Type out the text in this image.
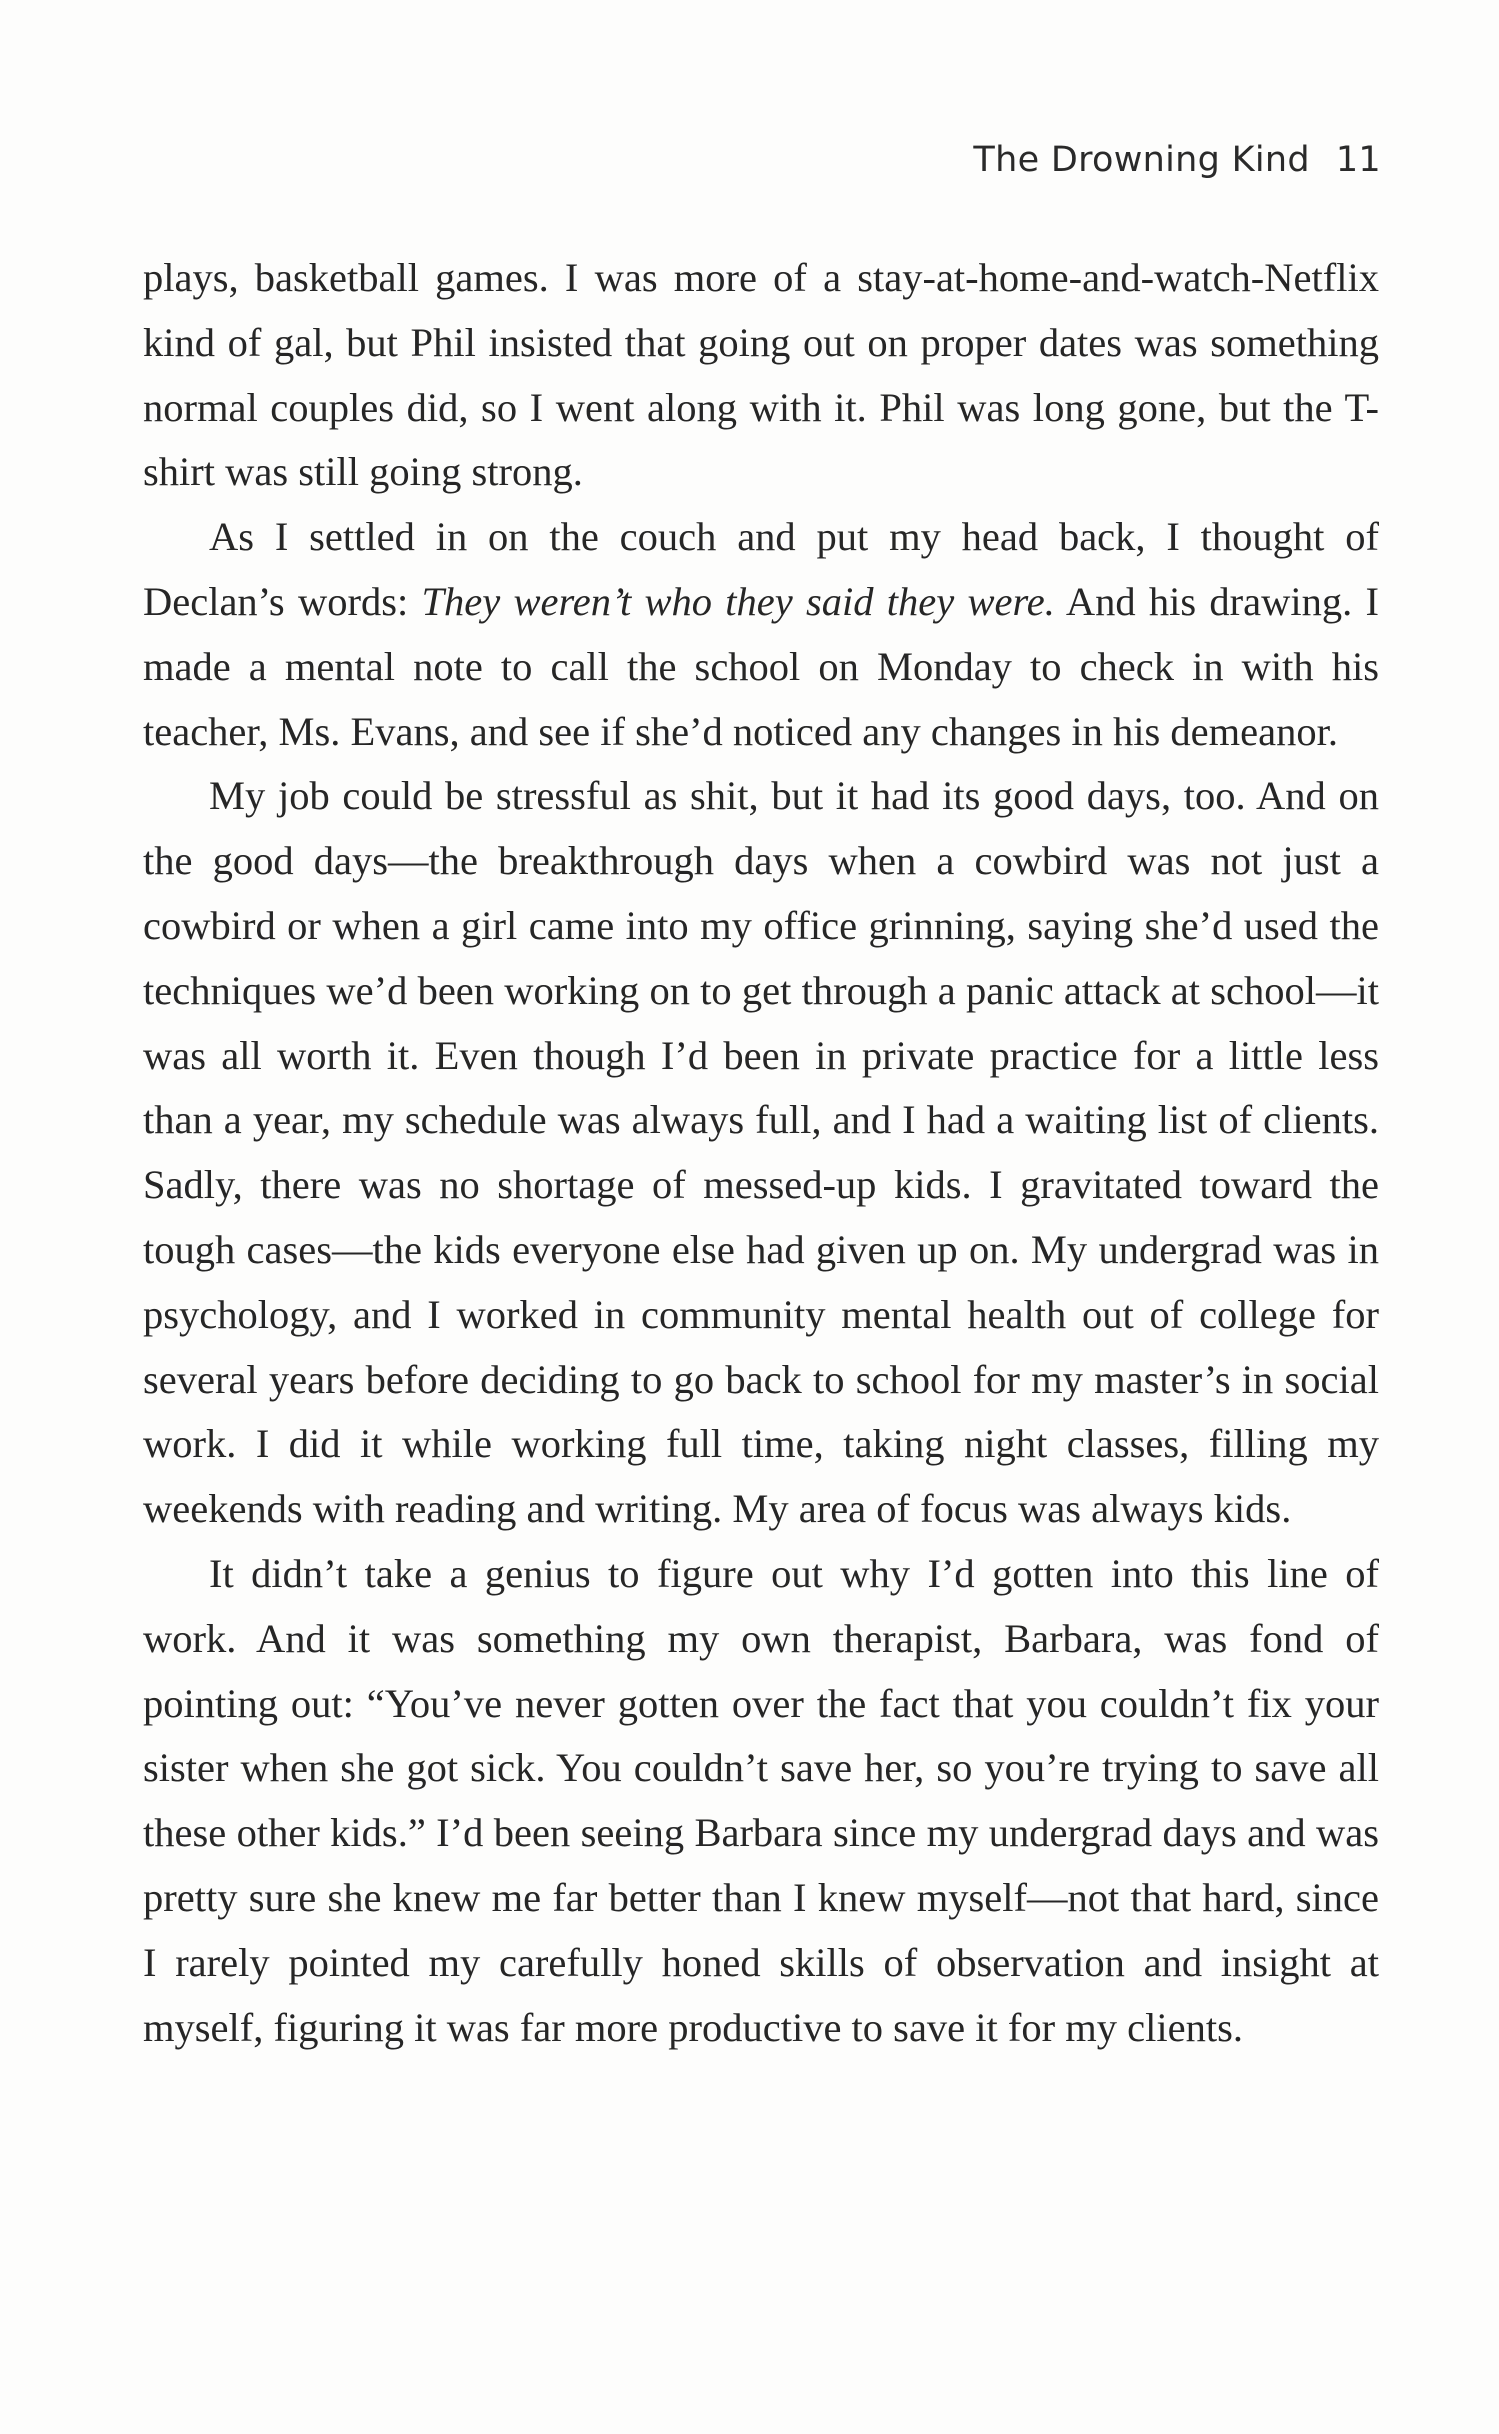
The Drowning Kind 11

plays, basketball games. I was more of a stay-at-home-and-watch-Netflix kind of gal, but Phil insisted that going out on proper dates was something normal couples did, so I went along with it. Phil was long gone, but the T-shirt was still going strong.

As I settled in on the couch and put my head back, I thought of Declan’s words: They weren’t who they said they were. And his drawing. I made a mental note to call the school on Monday to check in with his teacher, Ms. Evans, and see if she’d noticed any changes in his demeanor.

My job could be stressful as shit, but it had its good days, too. And on the good days—the breakthrough days when a cowbird was not just a cowbird or when a girl came into my office grinning, saying she’d used the techniques we’d been working on to get through a panic attack at school—it was all worth it. Even though I’d been in private practice for a little less than a year, my schedule was always full, and I had a waiting list of clients. Sadly, there was no shortage of messed-up kids. I gravitated toward the tough cases—the kids everyone else had given up on. My undergrad was in psychology, and I worked in community mental health out of college for several years before deciding to go back to school for my master’s in social work. I did it while working full time, taking night classes, filling my weekends with reading and writing. My area of focus was always kids.

It didn’t take a genius to figure out why I’d gotten into this line of work. And it was something my own therapist, Barbara, was fond of pointing out: “You’ve never gotten over the fact that you couldn’t fix your sister when she got sick. You couldn’t save her, so you’re trying to save all these other kids.” I’d been seeing Barbara since my undergrad days and was pretty sure she knew me far better than I knew myself—not that hard, since I rarely pointed my carefully honed skills of observation and insight at myself, figuring it was far more productive to save it for my clients.
